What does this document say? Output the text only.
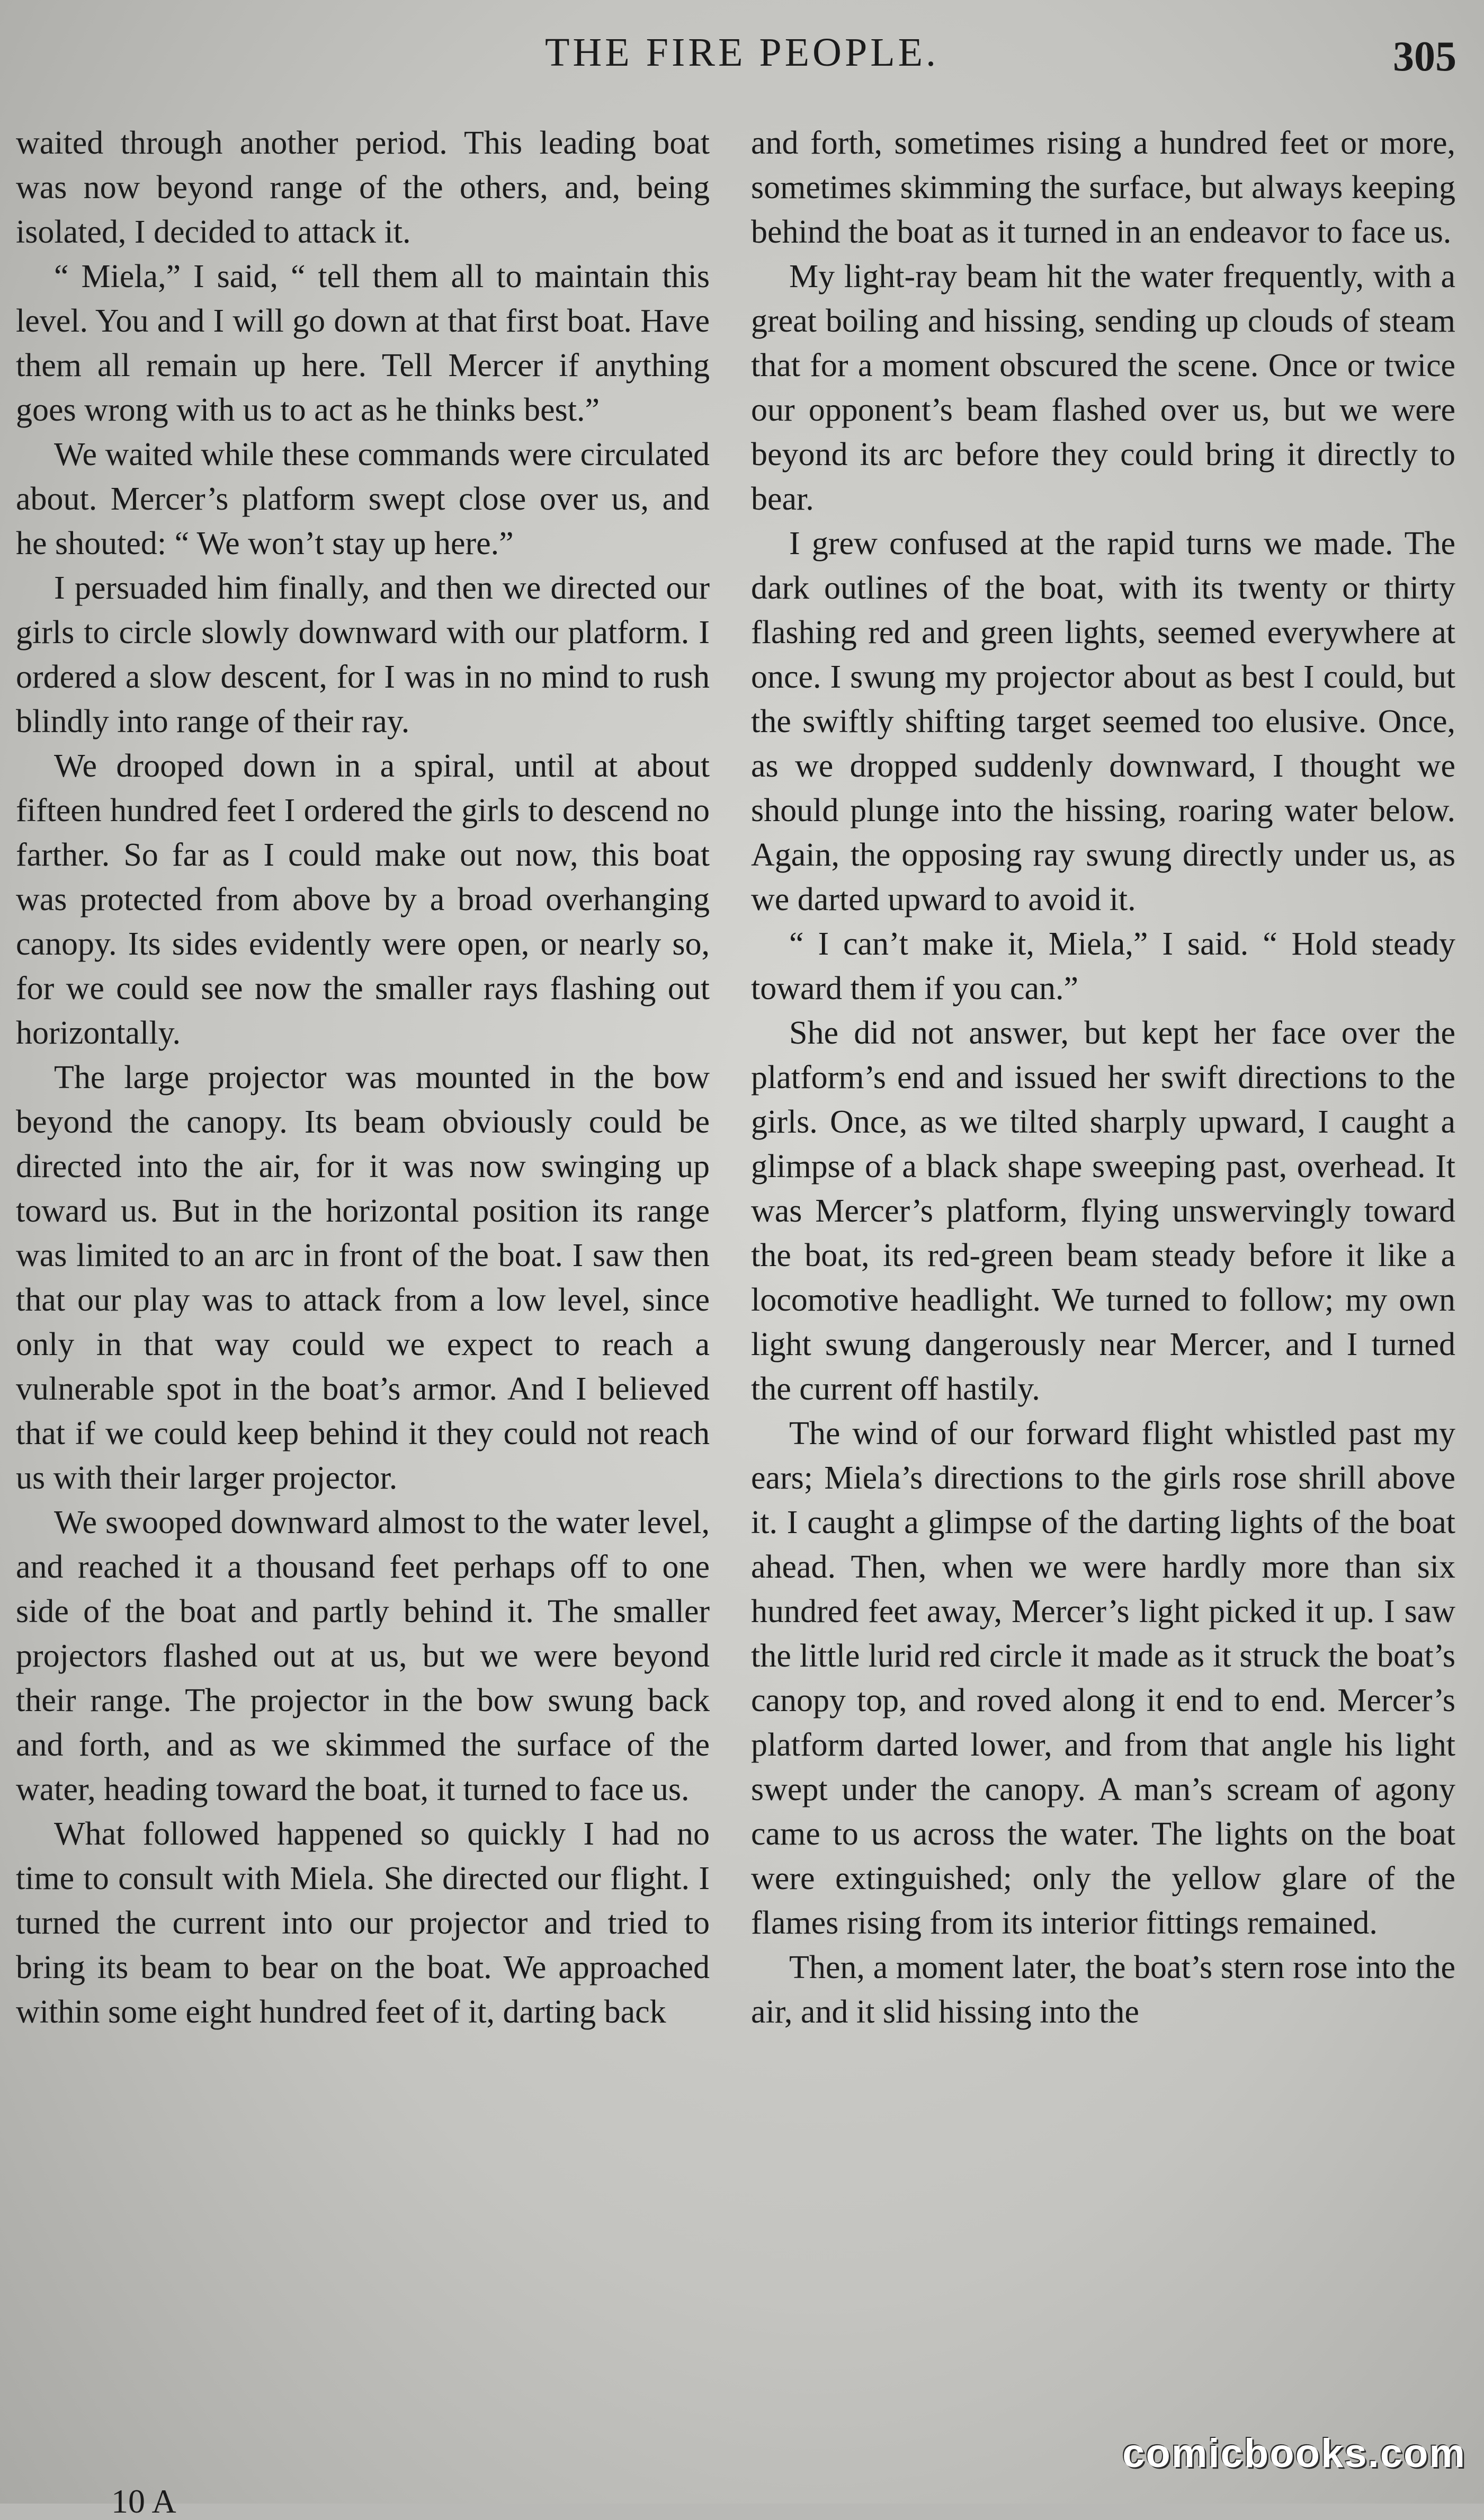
THE FIRE PEOPLE.	305

waited through another period. This leading boat was now beyond range of the others, and, being isolated, I decided to attack it.

“ Miela,” I said, “ tell them all to maintain this level. You and I will go down at that first boat. Have them all remain up here. Tell Mercer if anything goes wrong with us to act as he thinks best.”

We waited while these commands were circulated about. Mercer’s platform swept close over us, and he shouted: “ We won’t stay up here.”

I persuaded him finally, and then we directed our girls to circle slowly downward with our platform. I ordered a slow descent, for I was in no mind to rush blindly into range of their ray.

We drooped down in a spiral, until at about fifteen hundred feet I ordered the girls to descend no farther. So far as I could make out now, this boat was protected from above by a broad overhanging canopy. Its sides evidently were open, or nearly so, for we could see now the smaller rays flashing out horizontally.

The large projector was mounted in the bow beyond the canopy. Its beam obviously could be directed into the air, for it was now swinging up toward us. But in the horizontal position its range was limited to an arc in front of the boat. I saw then that our play was to attack from a low level, since only in that way could we expect to reach a vulnerable spot in the boat’s armor. And I believed that if we could keep behind it they could not reach us with their larger projector.

We swooped downward almost to the water level, and reached it a thousand feet perhaps off to one side of the boat and partly behind it. The smaller projectors flashed out at us, but we were beyond their range. The projector in the bow swung back and forth, and as we skimmed the surface of the water, heading toward the boat, it turned to face us.

What followed happened so quickly I had no time to consult with Miela. She directed our flight. I turned the current into our projector and tried to bring its beam to bear on the boat. We approached within some eight hundred feet of it, darting back

and forth, sometimes rising a hundred feet or more, sometimes skimming the surface, but always keeping behind the boat as it turned in an endeavor to face us.

My light-ray beam hit the water frequently, with a great boiling and hissing, sending up clouds of steam that for a moment obscured the scene. Once or twice our opponent’s beam flashed over us, but we were beyond its arc before they could bring it directly to bear.

I grew confused at the rapid turns we made. The dark outlines of the boat, with its twenty or thirty flashing red and green lights, seemed everywhere at once. I swung my projector about as best I could, but the swiftly shifting target seemed too elusive. Once, as we dropped suddenly downward, I thought we should plunge into the hissing, roaring water below. Again, the opposing ray swung directly under us, as we darted upward to avoid it.

“ I can’t make it, Miela,” I said. “ Hold steady toward them if you can.”

She did not answer, but kept her face over the platform’s end and issued her swift directions to the girls. Once, as we tilted sharply upward, I caught a glimpse of a black shape sweeping past, overhead. It was Mercer’s platform, flying unswervingly toward the boat, its red-green beam steady before it like a locomotive headlight. We turned to follow; my own light swung dangerously near Mercer, and I turned the current off hastily.

The wind of our forward flight whistled past my ears; Miela’s directions to the girls rose shrill above it. I caught a glimpse of the darting lights of the boat ahead. Then, when we were hardly more than six hundred feet away, Mercer’s light picked it up. I saw the little lurid red circle it made as it struck the boat’s canopy top, and roved along it end to end. Mercer’s platform darted lower, and from that angle his light swept under the canopy. A man’s scream of agony came to us across the water. The lights on the boat were extinguished; only the yellow glare of the flames rising from its interior fittings remained.

Then, a moment later, the boat’s stern rose into the air, and it slid hissing into the

10 A
comicbooks.com
